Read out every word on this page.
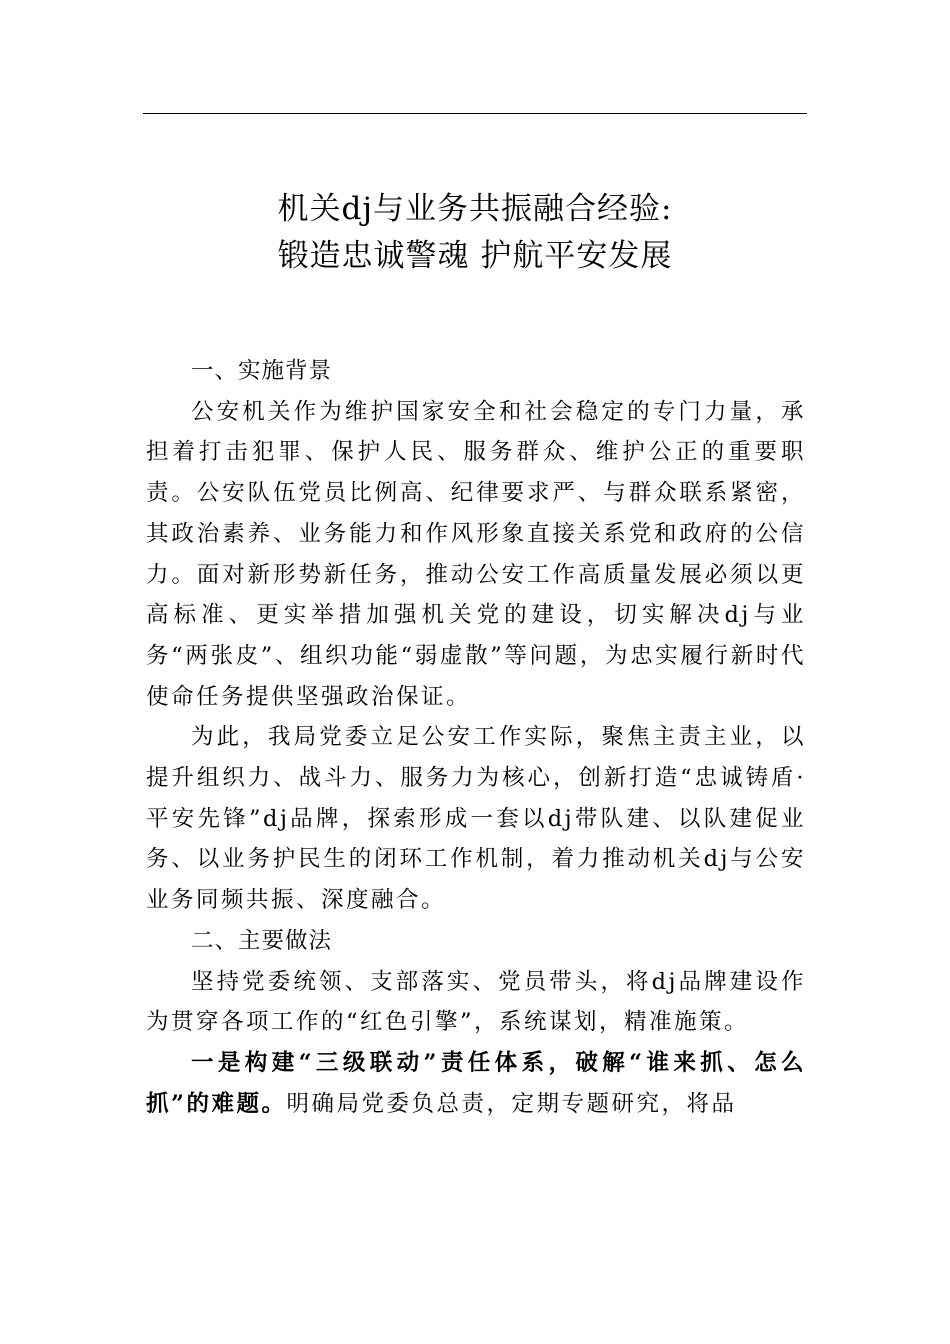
机关dj与业务共振融合经验:
锻造忠诚警魂 护航平安发展
一、实施背景

公安机关作为维护国家安全和社会稳定的专门力量，承担着打击犯罪、保护人民、服务群众、维护公正的重要职责。公安队伍党员比例高、纪律要求严、与群众联系紧密，其政治素养、业务能力和作风形象直接关系党和政府的公信力。面对新形势新任务，推动公安工作高质量发展必须以更高标准、更实举措加强机关党的建设，切实解决dj与业务“两张皮”、组织功能“弱虚散”等问题，为忠实履行新时代使命任务提供坚强政治保证。

为此，我局党委立足公安工作实际，聚焦主责主业，以提升组织力、战斗力、服务力为核心，创新打造“忠诚铸盾·平安先锋”dj品牌，探索形成一套以dj带队建、以队建促业务、以业务护民生的闭环工作机制，着力推动机关dj与公安业务同频共振、深度融合。

二、主要做法

坚持党委统领、支部落实、党员带头，将dj品牌建设作为贯穿各项工作的“红色引擎”，系统谋划，精准施策。

一是构建“三级联动”责任体系，破解“谁来抓、怎么抓”的难题。明确局党委负总责，定期专题研究，将品
